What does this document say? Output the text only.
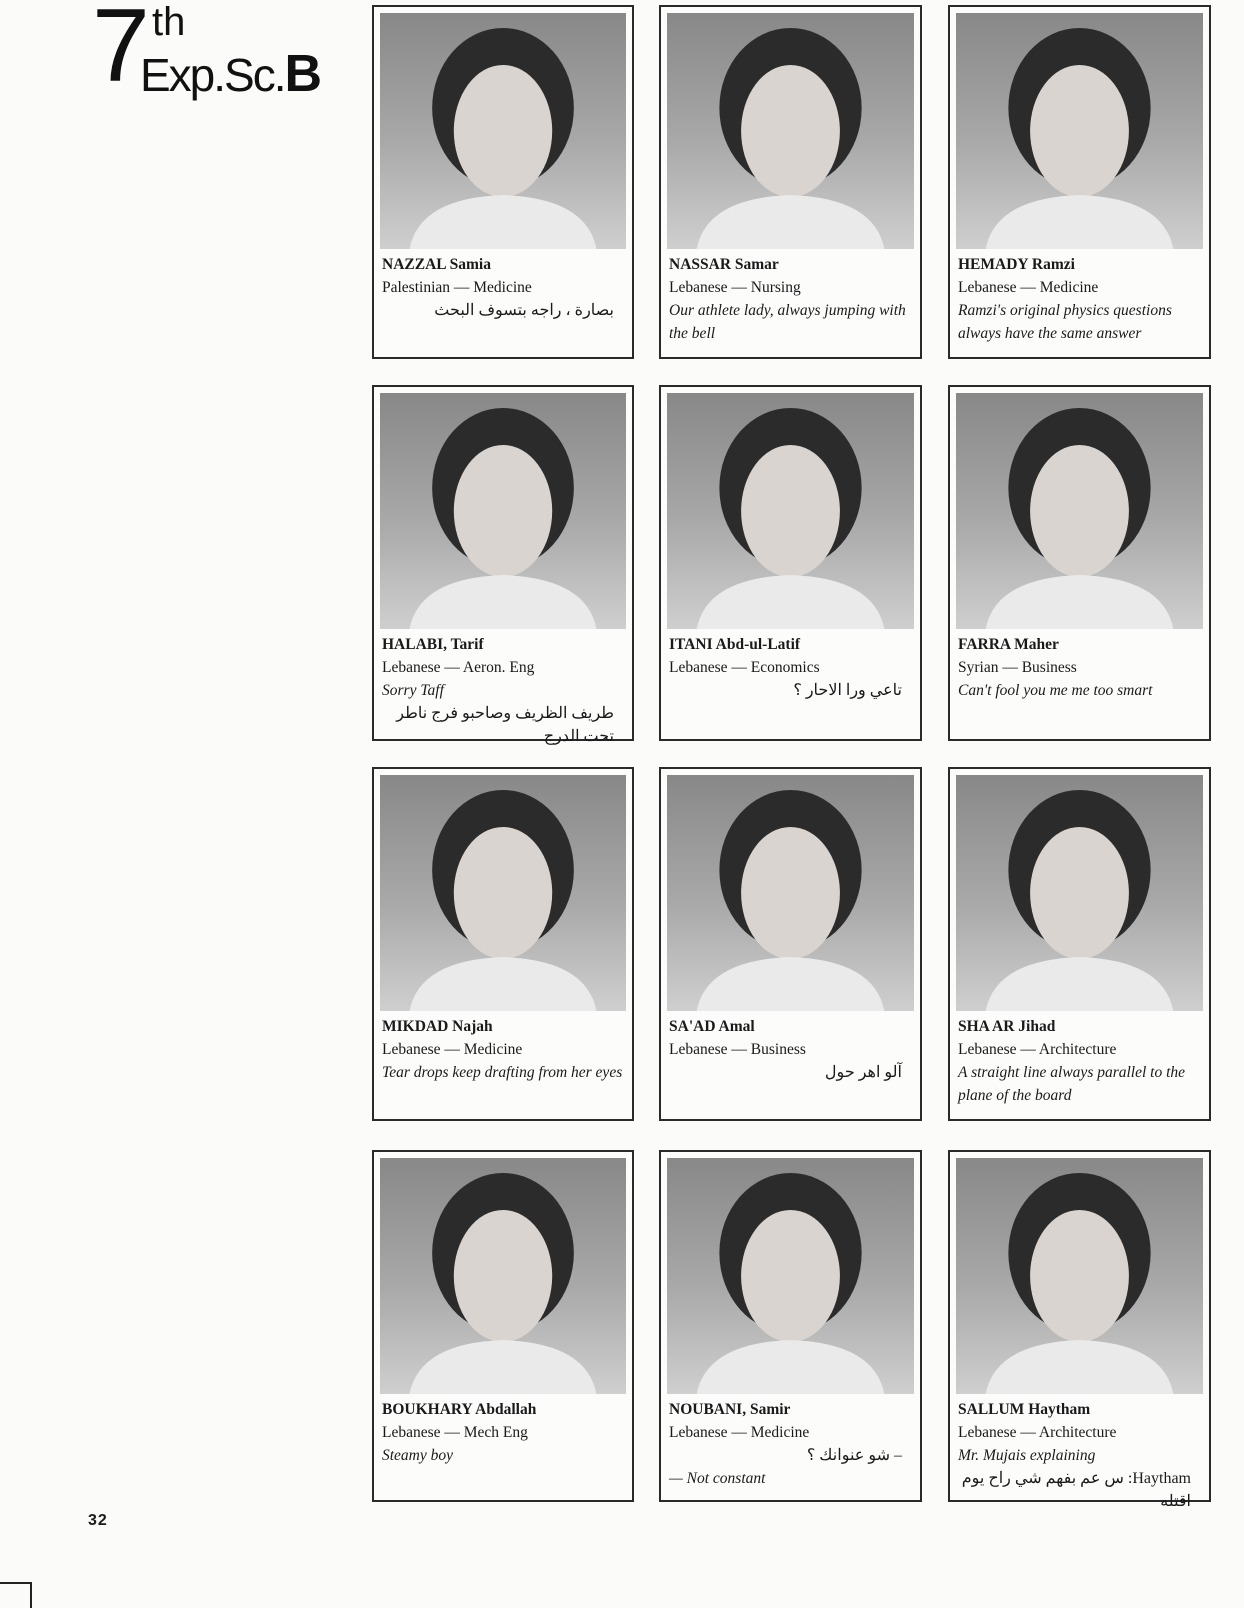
7 th
Exp.Sc.B
NAZZAL Samia
Palestinian — Medicine
بصارة ، راجه بتسوف البحث
NASSAR Samar
Lebanese — Nursing
Our athlete lady, always jumping with the bell
HEMADY Ramzi
Lebanese — Medicine
Ramzi's original physics questions always have the same answer
HALABI, Tarif
Lebanese — Aeron. Eng
Sorry Taff
طريف الظريف وصاحبو فرج ناطر تحت الدرج
ITANI Abd-ul-Latif
Lebanese — Economics
تاعي ورا الاحار ؟
FARRA Maher
Syrian — Business
Can't fool you me me too smart
MIKDAD Najah
Lebanese — Medicine
Tear drops keep drafting from her eyes
SA'AD Amal
Lebanese — Business
آلو اهر حول
SHA AR Jihad
Lebanese — Architecture
A straight line always parallel to the plane of the board
BOUKHARY Abdallah
Lebanese — Mech Eng
Steamy boy
NOUBANI, Samir
Lebanese — Medicine
– شو عنوانك ؟
— Not constant
SALLUM Haytham
Lebanese — Architecture
Mr. Mujais explaining
Haytham: س عم بفهم شي راح يوم اقتله
32
